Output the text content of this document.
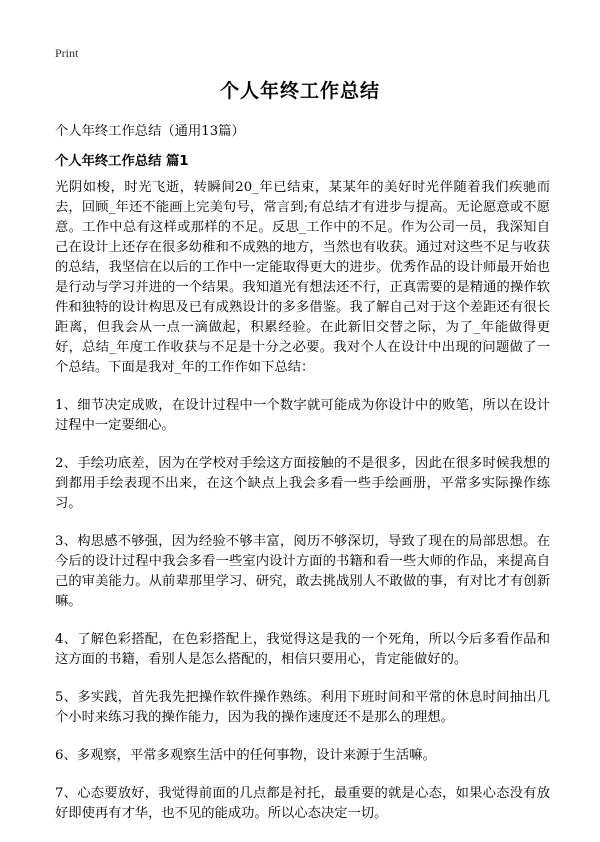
Print
个人年终工作总结
个人年终工作总结（通用13篇）
个人年终工作总结 篇1

光阴如梭，时光飞逝，转瞬间20_年已结束，某某年的美好时光伴随着我们疾驰而去，回顾_年还不能画上完美句号，常言到;有总结才有进步与提高。无论愿意或不愿意。工作中总有这样或那样的不足。反思_工作中的不足。作为公司一员，我深知自己在设计上还存在很多幼稚和不成熟的地方，当然也有收获。通过对这些不足与收获的总结，我坚信在以后的工作中一定能取得更大的进步。优秀作品的设计师最开始也是行动与学习并进的一个结果。我知道光有想法还不行，正真需要的是精通的操作软件和独特的设计构思及已有成熟设计的多多借鉴。我了解自己对于这个差距还有很长距离，但我会从一点一滴做起，积累经验。在此新旧交替之际，为了_年能做得更好，总结_年度工作收获与不足是十分之必要。我对个人在设计中出现的问题做了一个总结。下面是我对_年的工作作如下总结：

1、细节决定成败，在设计过程中一个数字就可能成为你设计中的败笔，所以在设计过程中一定要细心。

2、手绘功底差，因为在学校对手绘这方面接触的不是很多，因此在很多时候我想的到都用手绘表现不出来，在这个缺点上我会多看一些手绘画册，平常多实际操作练习。

3、构思感不够强，因为经验不够丰富，阅历不够深切，导致了现在的局部思想。在今后的设计过程中我会多看一些室内设计方面的书籍和看一些大师的作品，来提高自己的审美能力。从前辈那里学习、研究，敢去挑战别人不敢做的事，有对比才有创新嘛。

4、了解色彩搭配，在色彩搭配上，我觉得这是我的一个死角，所以今后多看作品和这方面的书籍，看别人是怎么搭配的，相信只要用心，肯定能做好的。

5、多实践，首先我先把操作软件操作熟练。利用下班时间和平常的休息时间抽出几个小时来练习我的操作能力，因为我的操作速度还不是那么的理想。

6、多观察，平常多观察生活中的任何事物，设计来源于生活嘛。

7、心态要放好，我觉得前面的几点都是衬托，最重要的就是心态，如果心态没有放好即使再有才华，也不见的能成功。所以心态决定一切。
